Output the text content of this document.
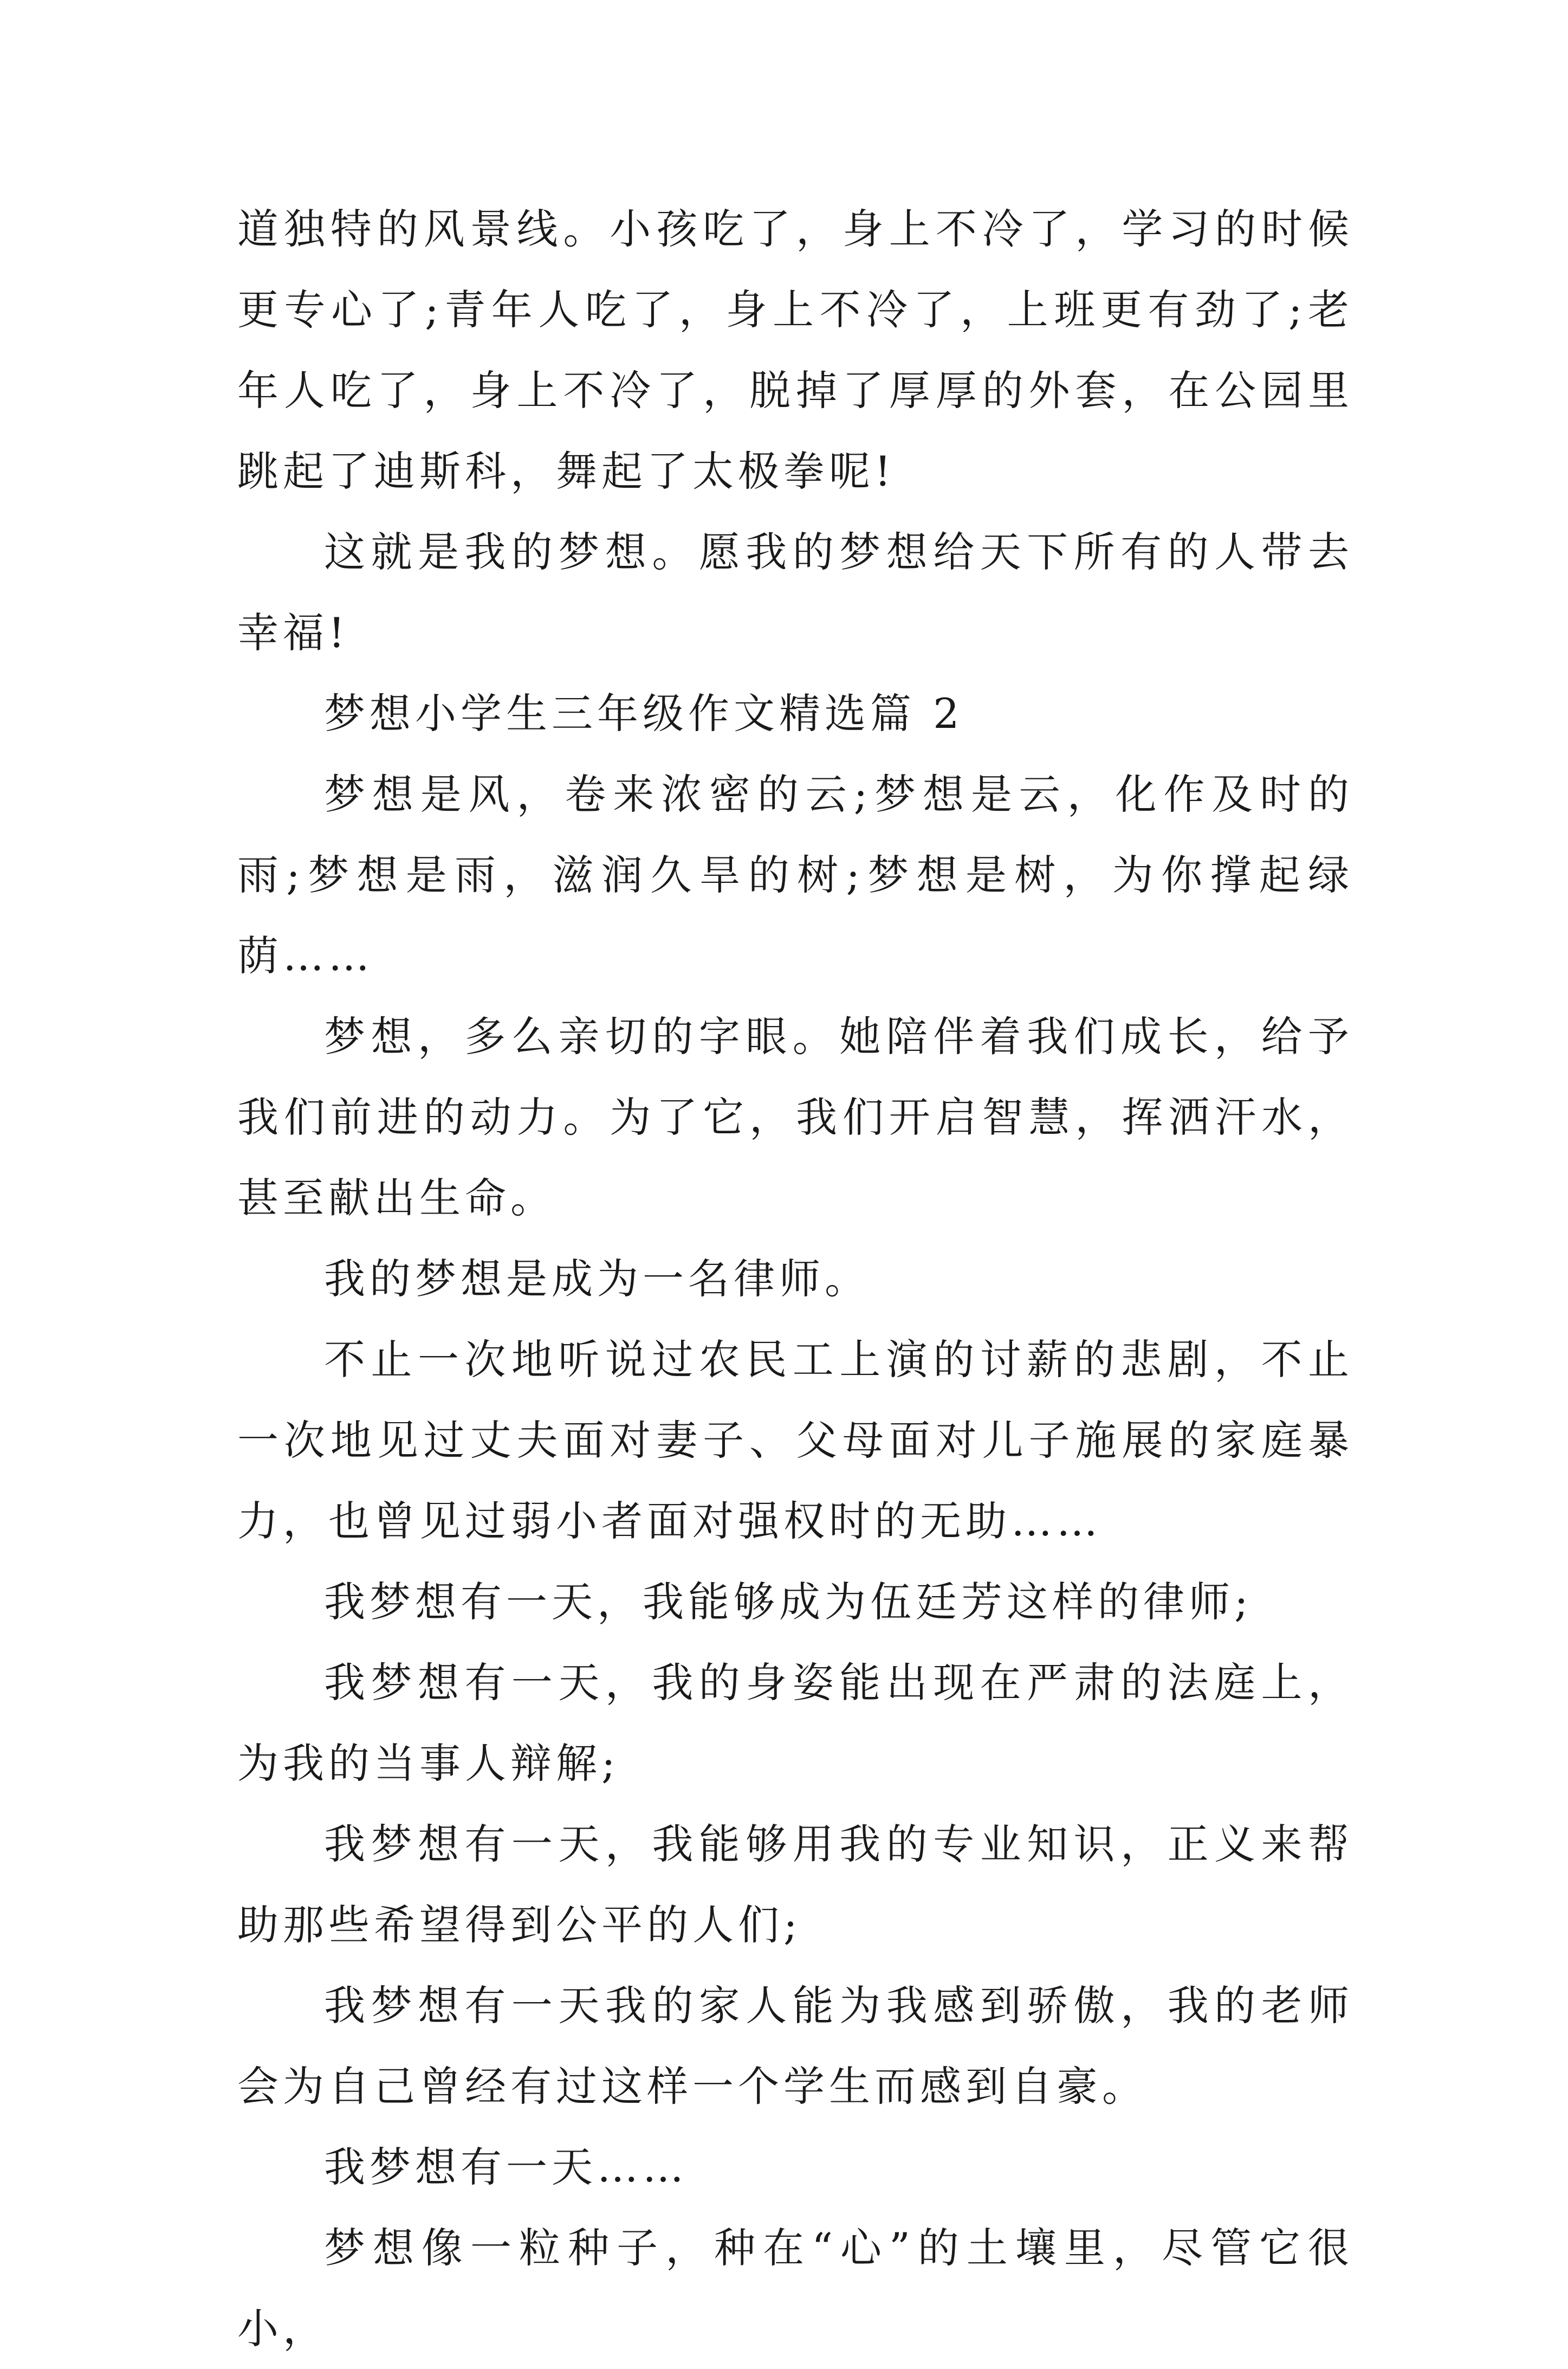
道独特的风景线。小孩吃了，身上不冷了，学习的时候更专心了;青年人吃了，身上不冷了，上班更有劲了;老年人吃了，身上不冷了，脱掉了厚厚的外套，在公园里跳起了迪斯科，舞起了太极拳呢!

这就是我的梦想。愿我的梦想给天下所有的人带去幸福!

梦想小学生三年级作文精选篇 2

梦想是风，卷来浓密的云;梦想是云，化作及时的雨;梦想是雨，滋润久旱的树;梦想是树，为你撑起绿荫……

梦想，多么亲切的字眼。她陪伴着我们成长，给予我们前进的动力。为了它，我们开启智慧，挥洒汗水，甚至献出生命。

我的梦想是成为一名律师。

不止一次地听说过农民工上演的讨薪的悲剧，不止一次地见过丈夫面对妻子、父母面对儿子施展的家庭暴力，也曾见过弱小者面对强权时的无助……

我梦想有一天，我能够成为伍廷芳这样的律师;

我梦想有一天，我的身姿能出现在严肃的法庭上，为我的当事人辩解;

我梦想有一天，我能够用我的专业知识，正义来帮助那些希望得到公平的人们;

我梦想有一天我的家人能为我感到骄傲，我的老师会为自己曾经有过这样一个学生而感到自豪。

我梦想有一天……

梦想像一粒种子，种在“心”的土壤里，尽管它很小，
